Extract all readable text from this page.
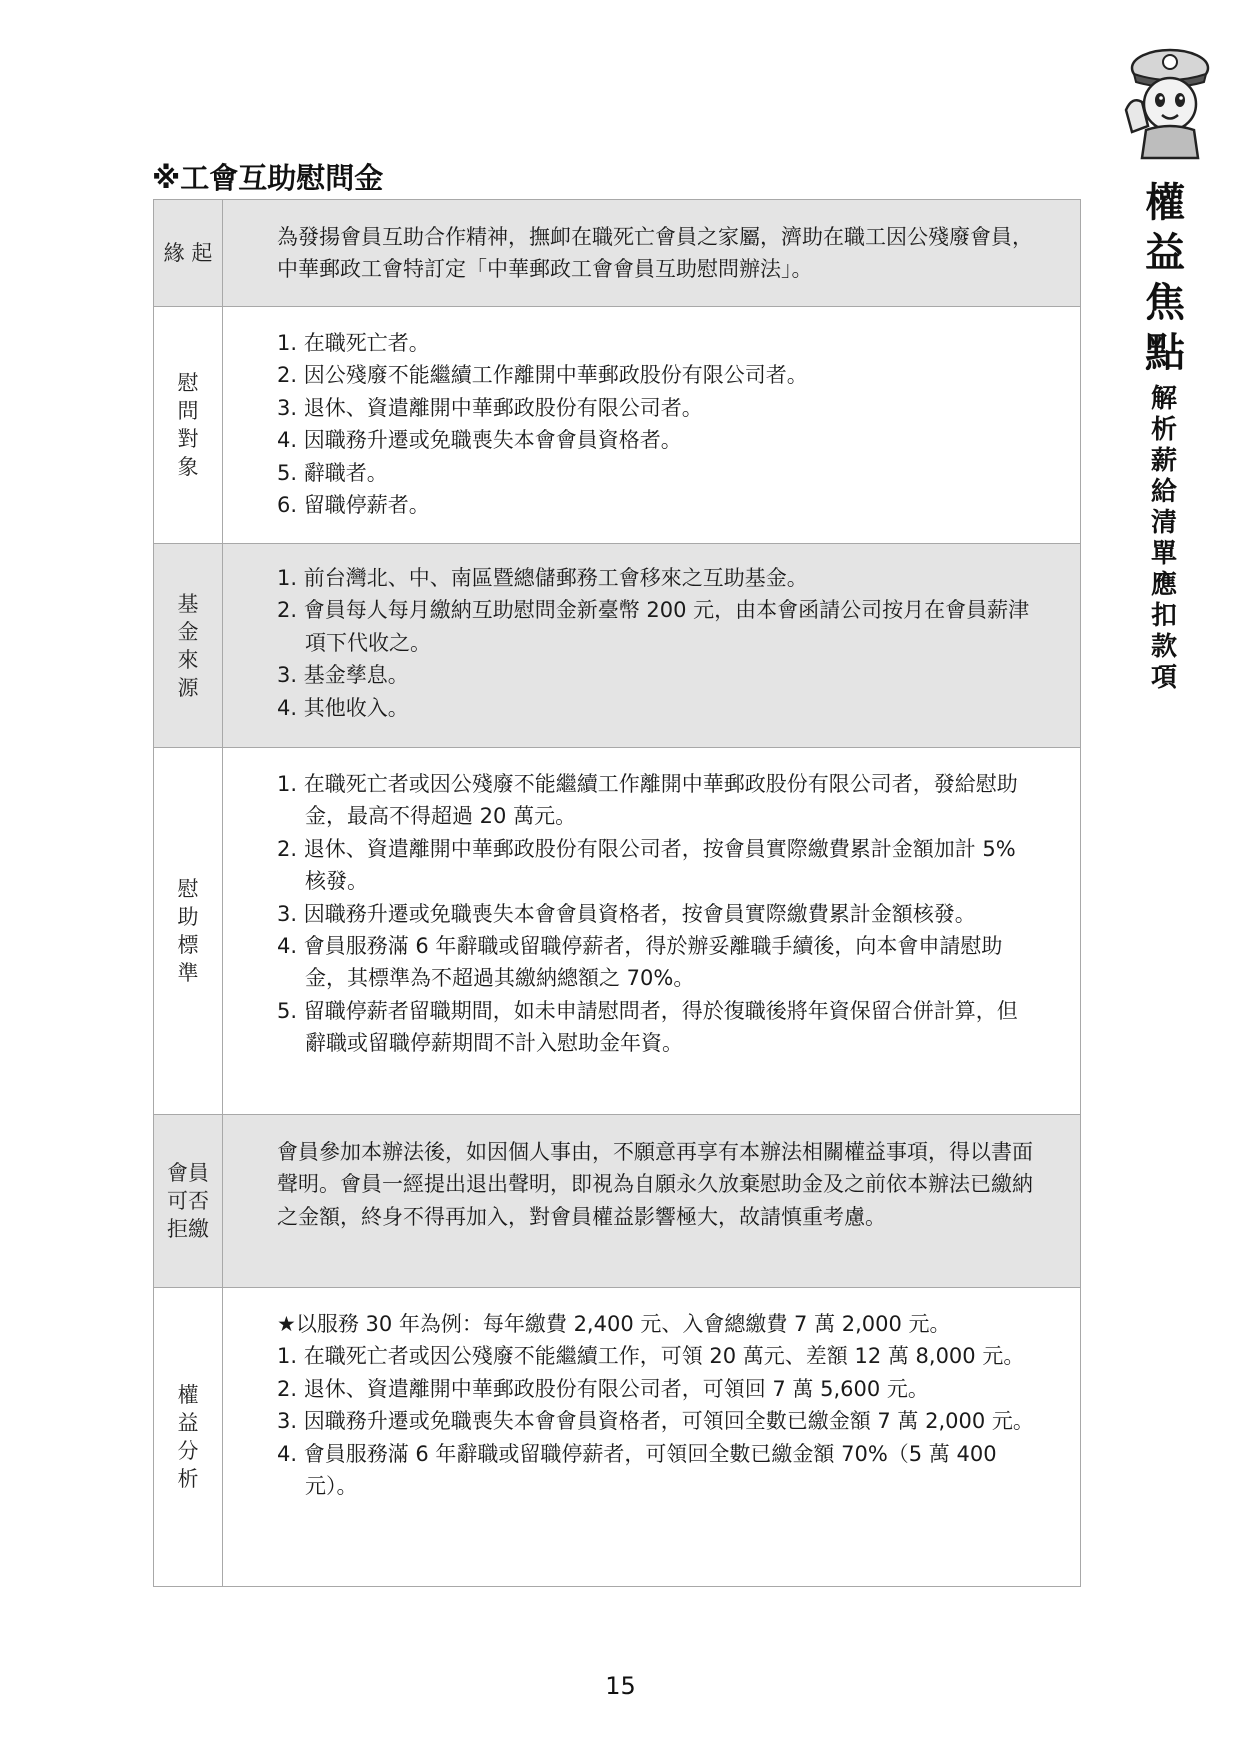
權
益
焦
點
解
析
薪
給
清
單
應
扣
款
項
※工會互助慰問金
緣 起

為發揚會員互助合作精神，撫卹在職死亡會員之家屬，濟助在職工因公殘廢會員，中華郵政工會特訂定「中華郵政工會會員互助慰問辦法」。

慰
問
對
象

1. 在職死亡者。

2. 因公殘廢不能繼續工作離開中華郵政股份有限公司者。

3. 退休、資遣離開中華郵政股份有限公司者。

4. 因職務升遷或免職喪失本會會員資格者。

5. 辭職者。

6. 留職停薪者。

基
金
來
源

1. 前台灣北、中、南區暨總儲郵務工會移來之互助基金。

2. 會員每人每月繳納互助慰問金新臺幣 200 元，由本會函請公司按月在會員薪津項下代收之。

3. 基金孳息。

4. 其他收入。

慰
助
標
準

1. 在職死亡者或因公殘廢不能繼續工作離開中華郵政股份有限公司者，發給慰助金，最高不得超過 20 萬元。

2. 退休、資遣離開中華郵政股份有限公司者，按會員實際繳費累計金額加計 5%核發。

3. 因職務升遷或免職喪失本會會員資格者，按會員實際繳費累計金額核發。

4. 會員服務滿 6 年辭職或留職停薪者，得於辦妥離職手續後，向本會申請慰助金，其標準為不超過其繳納總額之 70%。

5. 留職停薪者留職期間，如未申請慰問者，得於復職後將年資保留合併計算，但辭職或留職停薪期間不計入慰助金年資。

會員
可否
拒繳

會員參加本辦法後，如因個人事由，不願意再享有本辦法相關權益事項，得以書面聲明。會員一經提出退出聲明，即視為自願永久放棄慰助金及之前依本辦法已繳納之金額，終身不得再加入，對會員權益影響極大，故請慎重考慮。

權
益
分
析

★以服務 30 年為例：每年繳費 2,400 元、入會總繳費 7 萬 2,000 元。

1. 在職死亡者或因公殘廢不能繼續工作，可領 20 萬元、差額 12 萬 8,000 元。

2. 退休、資遣離開中華郵政股份有限公司者，可領回 7 萬 5,600 元。

3. 因職務升遷或免職喪失本會會員資格者，可領回全數已繳金額 7 萬 2,000 元。

4. 會員服務滿 6 年辭職或留職停薪者，可領回全數已繳金額 70%（5 萬 400 元）。

15
